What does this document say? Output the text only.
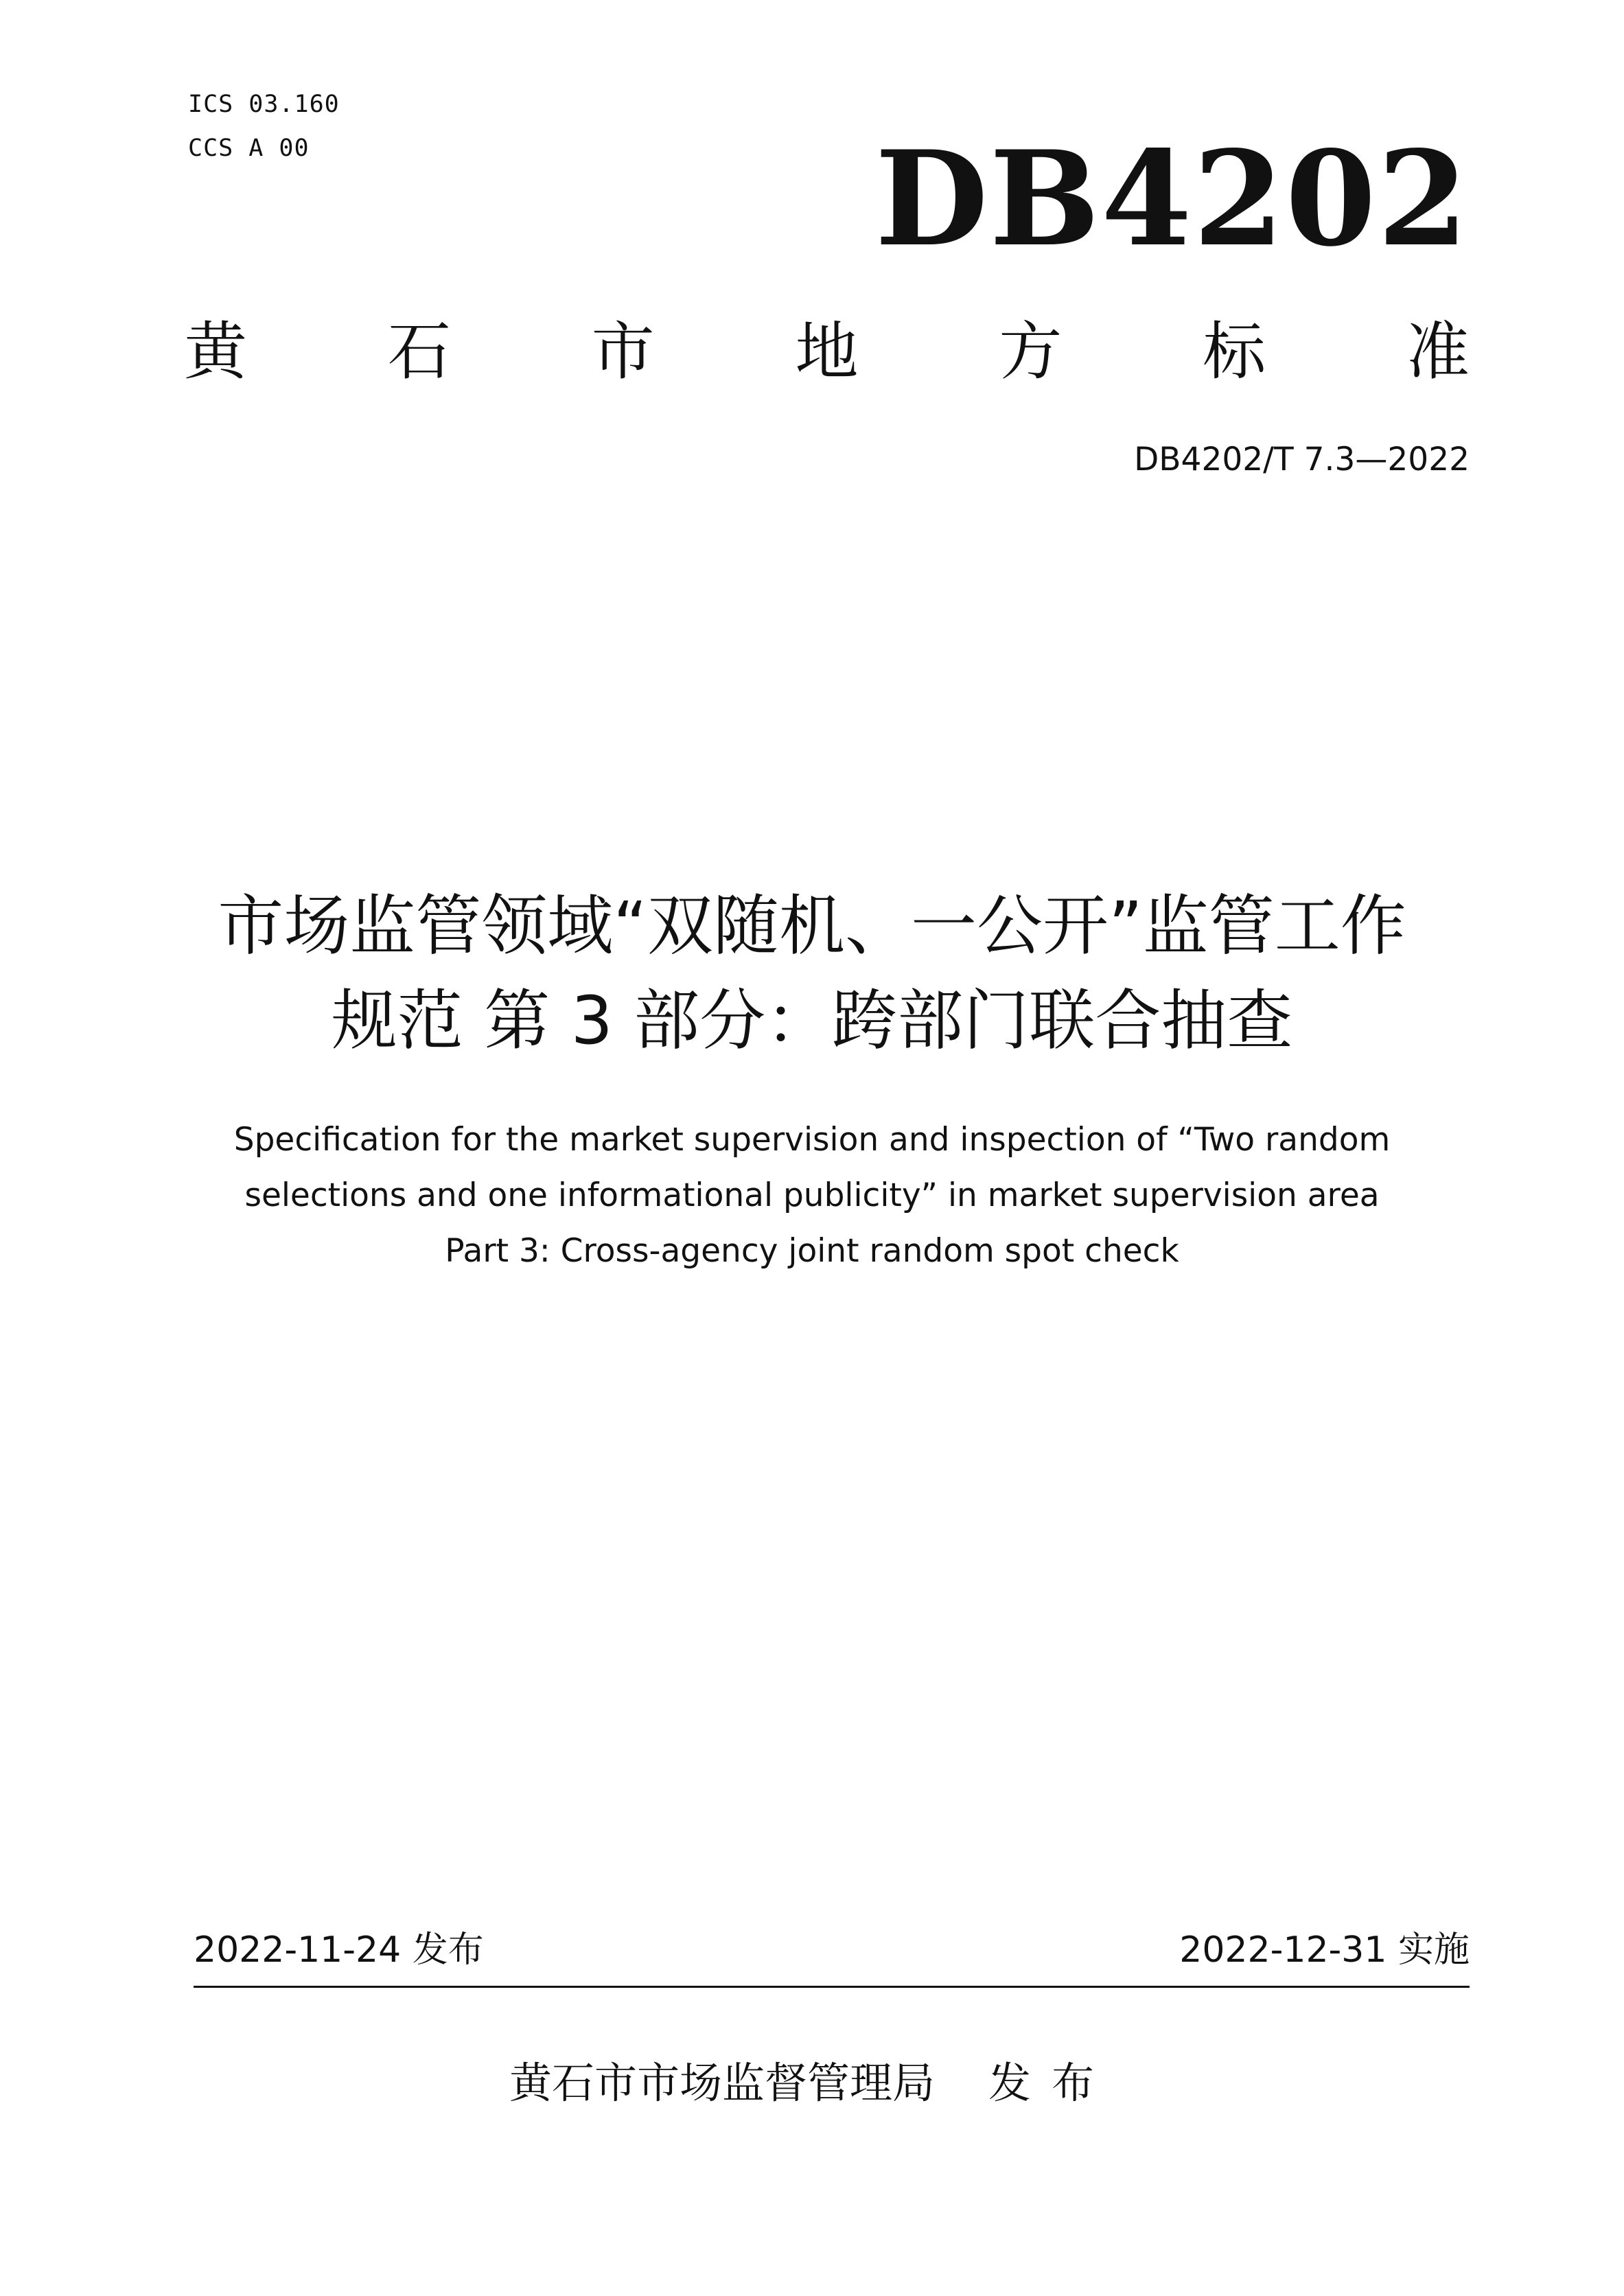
ICS 03.160
CCS A 00	DB4202
黄 石 市 地 方 标 准
DB4202/T 7.3—2022
市场监管领域“双随机、一公开”监管工作
规范 第 3 部分：跨部门联合抽查
Specification for the market supervision and inspection of “Two random
selections and one informational publicity” in market supervision area
Part 3: Cross-agency joint random spot check
2022-11-24 发布	2022-12-31 实施
黄石市市场监督管理局 发布
